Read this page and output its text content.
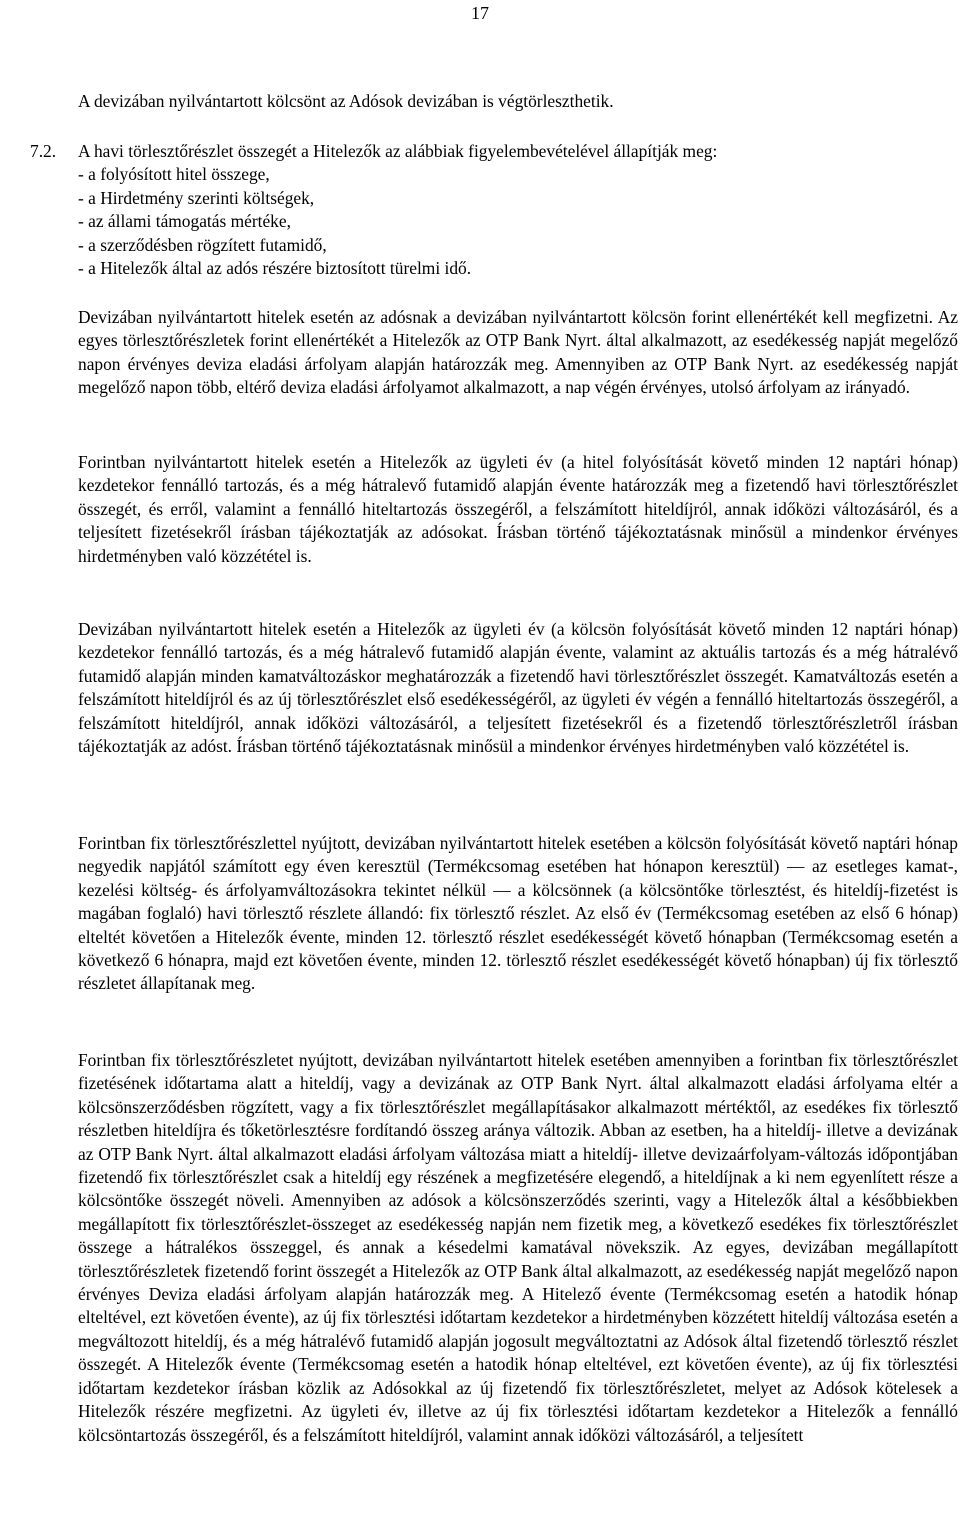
17
A devizában nyilvántartott kölcsönt az Adósok devizában is végtörleszthetik.
7.2. A havi törlesztőrészlet összegét a Hitelezők az alábbiak figyelembevételével állapítják meg:
- a folyósított hitel összege,
- a Hirdetmény szerinti költségek,
- az állami támogatás mértéke,
- a szerződésben rögzített futamidő,
- a Hitelezők által az adós részére biztosított türelmi idő.

Devizában nyilvántartott hitelek esetén az adósnak a devizában nyilvántartott kölcsön forint ellenértékét kell megfizetni. Az egyes törlesztőrészletek forint ellenértékét a Hitelezők az OTP Bank Nyrt. által alkalmazott, az esedékesség napját megelőző napon érvényes deviza eladási árfolyam alapján határozzák meg. Amennyiben az OTP Bank Nyrt. az esedékesség napját megelőző napon több, eltérő deviza eladási árfolyamot alkalmazott, a nap végén érvényes, utolsó árfolyam az irányadó.

Forintban nyilvántartott hitelek esetén a Hitelezők az ügyleti év (a hitel folyósítását követő minden 12 naptári hónap) kezdetekor fennálló tartozás, és a még hátralevő futamidő alapján évente határozzák meg a fizetendő havi törlesztőrészlet összegét, és erről, valamint a fennálló hiteltartozás összegéről, a felszámított hiteldíjról, annak időközi változásáról, és a teljesített fizetésekről írásban tájékoztatják az adósokat. Írásban történő tájékoztatásnak minősül a mindenkor érvényes hirdetményben való közzététel is.

Devizában nyilvántartott hitelek esetén a Hitelezők az ügyleti év (a kölcsön folyósítását követő minden 12 naptári hónap) kezdetekor fennálló tartozás, és a még hátralevő futamidő alapján évente, valamint az aktuális tartozás és a még hátralévő futamidő alapján minden kamatváltozáskor meghatározzák a fizetendő havi törlesztőrészlet összegét. Kamatváltozás esetén a felszámított hiteldíjról és az új törlesztőrészlet első esedékességéről, az ügyleti év végén a fennálló hiteltartozás összegéről, a felszámított hiteldíjról, annak időközi változásáról, a teljesített fizetésekről és a fizetendő törlesztőrészletről írásban tájékoztatják az adóst. Írásban történő tájékoztatásnak minősül a mindenkor érvényes hirdetményben való közzététel is.

Forintban fix törlesztőrészlettel nyújtott, devizában nyilvántartott hitelek esetében a kölcsön folyósítását követő naptári hónap negyedik napjától számított egy éven keresztül (Termékcsomag esetében hat hónapon keresztül) — az esetleges kamat-, kezelési költség- és árfolyamváltozásokra tekintet nélkül — a kölcsönnek (a kölcsöntőke törlesztést, és hiteldíj-fizetést is magában foglaló) havi törlesztő részlete állandó: fix törlesztő részlet. Az első év (Termékcsomag esetében az első 6 hónap) elteltét követően a Hitelezők évente, minden 12. törlesztő részlet esedékességét követő hónapban (Termékcsomag esetén a következő 6 hónapra, majd ezt követően évente, minden 12. törlesztő részlet esedékességét követő hónapban) új fix törlesztő részletet állapítanak meg.

Forintban fix törlesztőrészletet nyújtott, devizában nyilvántartott hitelek esetében amennyiben a forintban fix törlesztőrészlet fizetésének időtartama alatt a hiteldíj, vagy a devizának az OTP Bank Nyrt. által alkalmazott eladási árfolyama eltér a kölcsönszerződésben rögzített, vagy a fix törlesztőrészlet megállapításakor alkalmazott mértéktől, az esedékes fix törlesztő részletben hiteldíjra és tőketörlesztésre fordítandó összeg aránya változik. Abban az esetben, ha a hiteldíj- illetve a devizának az OTP Bank Nyrt. által alkalmazott eladási árfolyam változása miatt a hiteldíj- illetve devizaárfolyam-változás időpontjában fizetendő fix törlesztőrészlet csak a hiteldíj egy részének a megfizetésére elegendő, a hiteldíjnak a ki nem egyenlített része a kölcsöntőke összegét növeli. Amennyiben az adósok a kölcsönszerződés szerinti, vagy a Hitelezők által a későbbiekben megállapított fix törlesztőrészlet-összeget az esedékesség napján nem fizetik meg, a következő esedékes fix törlesztőrészlet összege a hátralékos összeggel, és annak a késedelmi kamatával növekszik. Az egyes, devizában megállapított törlesztőrészletek fizetendő forint összegét a Hitelezők az OTP Bank által alkalmazott, az esedékesség napját megelőző napon érvényes Deviza eladási árfolyam alapján határozzák meg. A Hitelező évente (Termékcsomag esetén a hatodik hónap elteltével, ezt követően évente), az új fix törlesztési időtartam kezdetekor a hirdetményben közzétett hiteldíj változása esetén a megváltozott hiteldíj, és a még hátralévő futamidő alapján jogosult megváltoztatni az Adósok által fizetendő törlesztő részlet összegét. A Hitelezők évente (Termékcsomag esetén a hatodik hónap elteltével, ezt követően évente), az új fix törlesztési időtartam kezdetekor írásban közlik az Adósokkal az új fizetendő fix törlesztőrészletet, melyet az Adósok kötelesek a Hitelezők részére megfizetni. Az ügyleti év, illetve az új fix törlesztési időtartam kezdetekor a Hitelezők a fennálló kölcsöntartozás összegéről, és a felszámított hiteldíjról, valamint annak időközi változásáról, a teljesített
